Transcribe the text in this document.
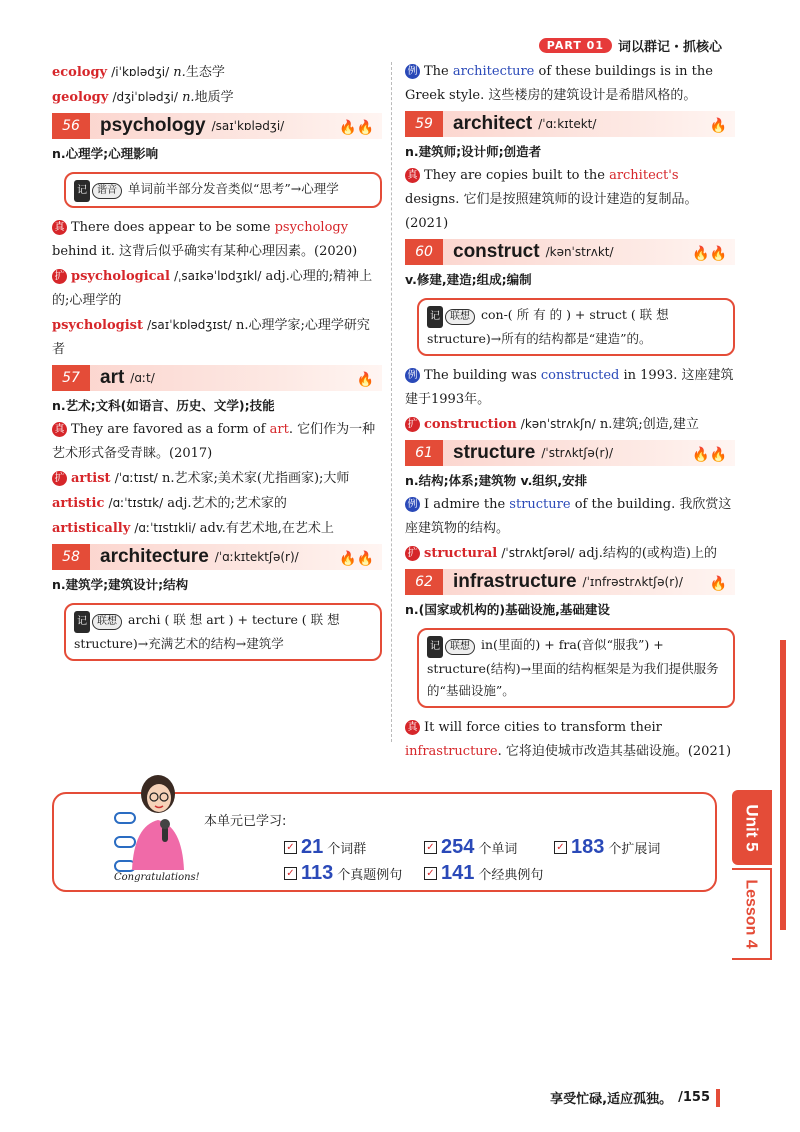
PART 01	词以群记・抓核心
ecology /iˈkɒlədʒi/ n.生态学
geology /dʒiˈɒlədʒi/ n.地质学
56	psychology /saɪˈkɒlədʒi/	🔥🔥
n.心理学;心理影响
记 谐音 单词前半部分发音类似“思考”→心理学
真 There does appear to be some psychology behind it. 这背后似乎确实有某种心理因素。(2020)
扩 psychological /ˌsaɪkəˈlɒdʒɪkl/ adj.心理的;精神上的;心理学的
psychologist /saɪˈkɒlədʒɪst/ n.心理学家;心理学研究者
57	art /ɑːt/	🔥
n.艺术;文科(如语言、历史、文学);技能
真 They are favored as a form of art. 它们作为一种艺术形式备受青睐。(2017)
扩 artist /ˈɑːtɪst/ n.艺术家;美术家(尤指画家);大师
artistic /ɑːˈtɪstɪk/ adj.艺术的;艺术家的
artistically /ɑːˈtɪstɪkli/ adv.有艺术地,在艺术上
58	architecture /ˈɑːkɪtektʃə(r)/	🔥🔥
n.建筑学;建筑设计;结构
记 联想 archi ( 联 想 art ) + tecture ( 联 想 structure)→充满艺术的结构→建筑学
例 The architecture of these buildings is in the Greek style. 这些楼房的建筑设计是希腊风格的。
59	architect /ˈɑːkɪtekt/	🔥
n.建筑师;设计师;创造者
真 They are copies built to the architect's designs. 它们是按照建筑师的设计建造的复制品。(2021)
60	construct /kənˈstrʌkt/	🔥🔥
v.修建,建造;组成;编制
记 联想 con-( 所 有 的 ) + struct ( 联 想 structure)→所有的结构都是“建造”的。
例 The building was constructed in 1993. 这座建筑建于1993年。
扩 construction /kənˈstrʌkʃn/ n.建筑;创造,建立
61	structure /ˈstrʌktʃə(r)/	🔥🔥
n.结构;体系;建筑物 v.组织,安排
例 I admire the structure of the building. 我欣赏这座建筑物的结构。
扩 structural /ˈstrʌktʃərəl/ adj.结构的(或构造)上的
62	infrastructure /ˈɪnfrəstrʌktʃə(r)/ 🔥
n.(国家或机构的)基础设施,基础建设
记 联想 in(里面的) + fra(音似“服我”) + structure(结构)→里面的结构框架是为我们提供服务的“基础设施”。
真 It will force cities to transform their infrastructure. 它将迫使城市改造其基础设施。(2021)
本单元已学习:
✓ 21 个词群	✓ 254 个单词	✓ 183 个扩展词
✓ 113 个真题例句 ✓ 141 个经典例句
Congratulations!
Unit 5
Lesson 4
享受忙碌,适应孤独。 /155
